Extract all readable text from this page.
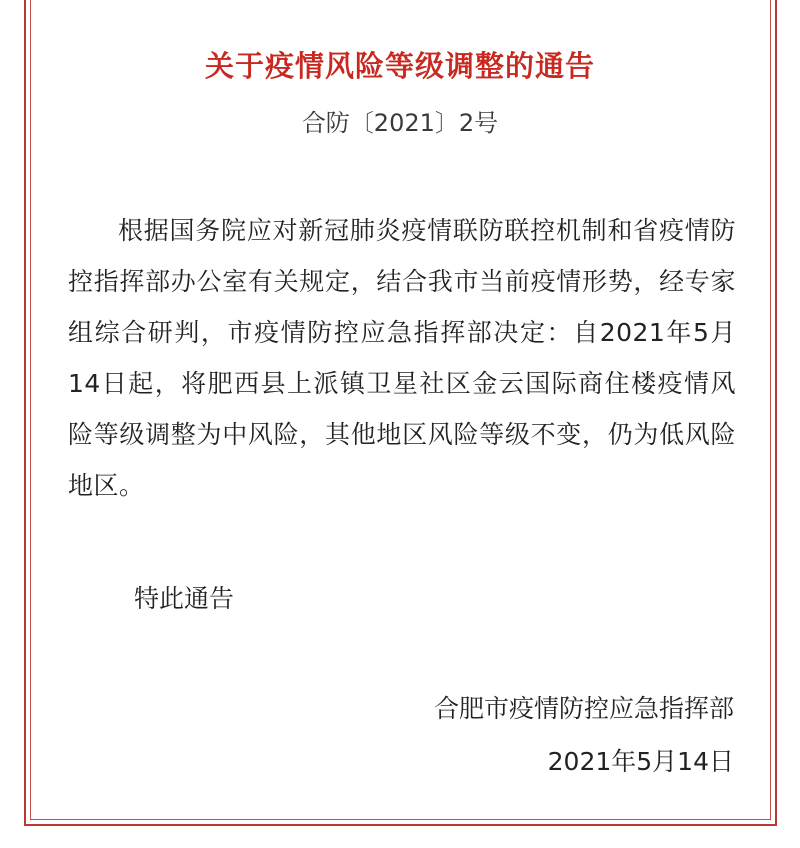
关于疫情风险等级调整的通告
合防〔2021〕2号
根据国务院应对新冠肺炎疫情联防联控机制和省疫情防控指挥部办公室有关规定，结合我市当前疫情形势，经专家组综合研判，市疫情防控应急指挥部决定：自2021年5月14日起，将肥西县上派镇卫星社区金云国际商住楼疫情风险等级调整为中风险，其他地区风险等级不变，仍为低风险地区。
特此通告
合肥市疫情防控应急指挥部
2021年5月14日
